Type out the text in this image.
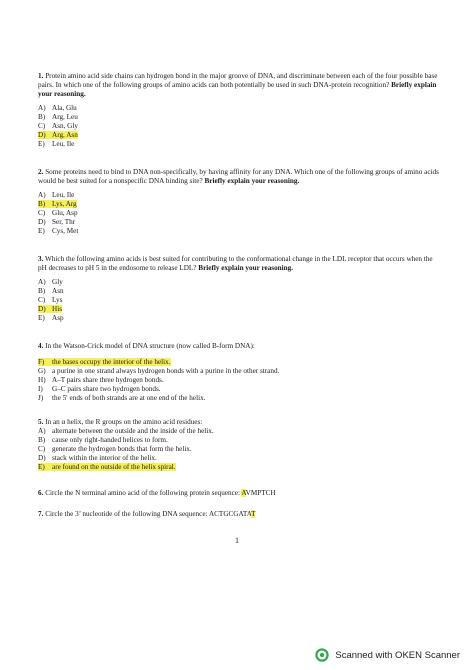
1. Protein amino acid side chains can hydrogen bond in the major groove of DNA, and discriminate between each of the four possible base pairs. In which one of the following groups of amino acids can both potentially be used in such DNA-protein recognition? Briefly explain your reasoning.
A) Ala, Glu
B) Arg, Leu
C) Asn, Gly
D) Arg, Asn
E) Leu, Ile
2. Some proteins need to bind to DNA non-specifically, by having affinity for any DNA. Which one of the following groups of amino acids would be best suited for a nonspecific DNA binding site? Briefly explain your reasoning.
A) Leu, Ile
B) Lys, Arg
C) Glu, Asp
D) Ser, Thr
E) Cys, Met
3. Which the following amino acids is best suited for contributing to the conformational change in the LDL receptor that occurs when the pH decreases to pH 5 in the endosome to release LDL? Briefly explain your reasoning.
A) Gly
B) Asn
C) Lys
D) His
E) Asp
4. In the Watson-Crick model of DNA structure (now called B-form DNA):
F) the bases occupy the interior of the helix.
G) a purine in one strand always hydrogen bonds with a purine in the other strand.
H) A–T pairs share three hydrogen bonds.
I) G–C pairs share two hydrogen bonds.
J) the 5′ ends of both strands are at one end of the helix.
5. In an α helix, the R groups on the amino acid residues:
A) alternate between the outside and the inside of the helix.
B) cause only right-handed helices to form.
C) generate the hydrogen bonds that form the helix.
D) stack within the interior of the helix.
E) are found on the outside of the helix spiral.
6. Circle the N terminal amino acid of the following protein sequence: AVMPTCH
7. Circle the 3’ nucleotide of the following DNA sequence: ACTGCGATAT
1
Scanned with OKEN Scanner
